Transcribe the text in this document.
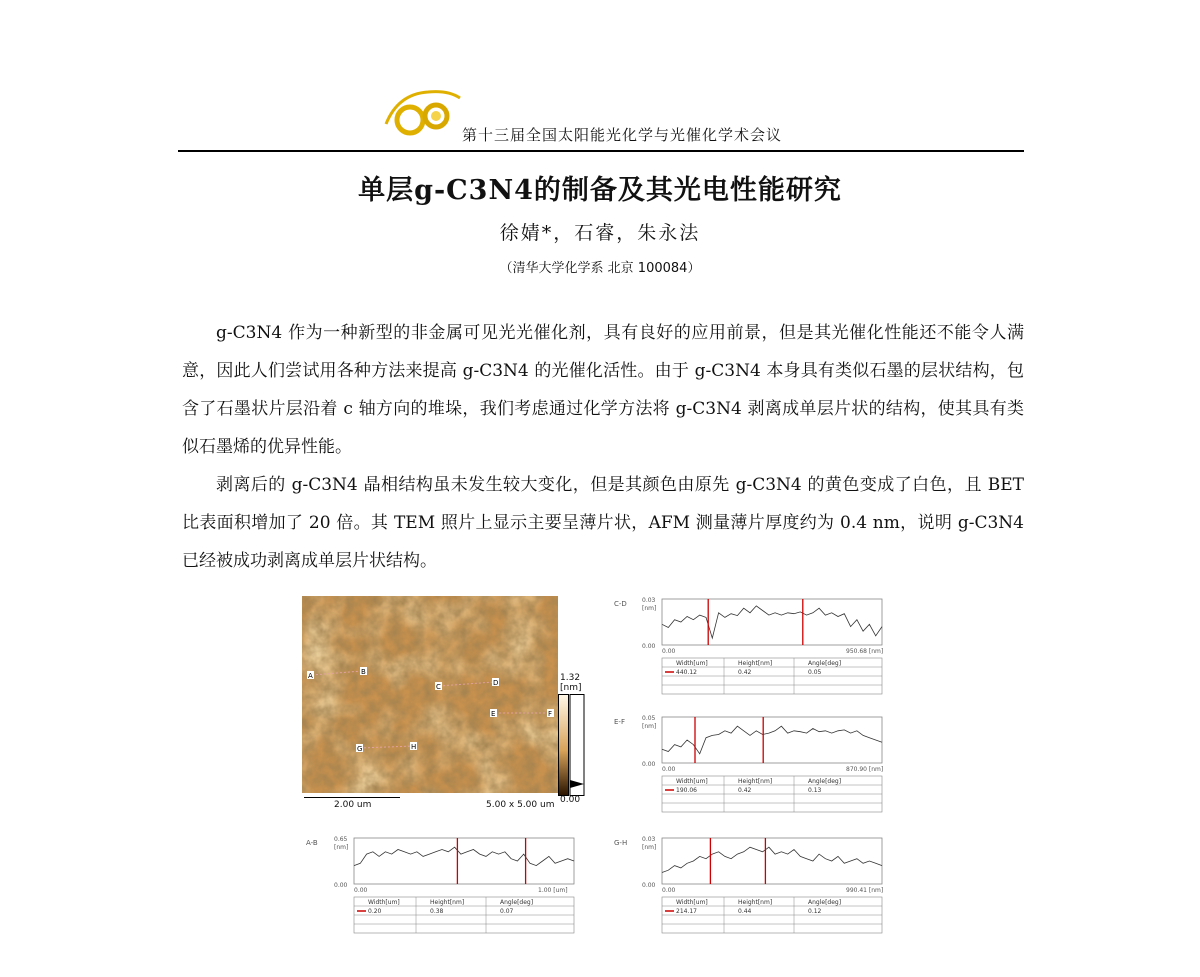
第十三届全国太阳能光化学与光催化学术会议
单层g-C3N4的制备及其光电性能研究
徐婧*，石睿，朱永法
（清华大学化学系 北京 100084）

g-C3N4 作为一种新型的非金属可见光光催化剂，具有良好的应用前景，但是其光催化性能还不能令人满意，因此人们尝试用各种方法来提高 g-C3N4 的光催化活性。由于 g-C3N4 本身具有类似石墨的层状结构，包含了石墨状片层沿着 c 轴方向的堆垛，我们考虑通过化学方法将 g-C3N4 剥离成单层片状的结构，使其具有类似石墨烯的优异性能。

剥离后的 g-C3N4 晶相结构虽未发生较大变化，但是其颜色由原先 g-C3N4 的黄色变成了白色，且 BET 比表面积增加了 20 倍。其 TEM 照片上显示主要呈薄片状，AFM 测量薄片厚度约为 0.4 nm，说明 g-C3N4 已经被成功剥离成单层片状结构。

A	B
C	D
E	F
G	H
2.00 um	5.00 x 5.00 um
1.32
[nm]
0.00
C-D	0.03
[nm]
0.00
0.00	950.68 [nm]
Width[um]	Height[nm]	Angle[deg]
440.12	0.42	0.05
E-F	0.05
[nm]
0.00
0.00	870.90 [nm]
Width[um]	Height[nm]	Angle[deg]
190.06	0.42	0.13
A-B	0.65
[nm]
0.00
0.00	1.00 [um]
Width[um]	Height[nm]	Angle[deg]
0.20	0.38	0.07
G-H 0.03
[nm]
0.00
0.00	990.41 [nm]
Width[um]	Height[nm]	Angle[deg]
214.17	0.44	0.12
